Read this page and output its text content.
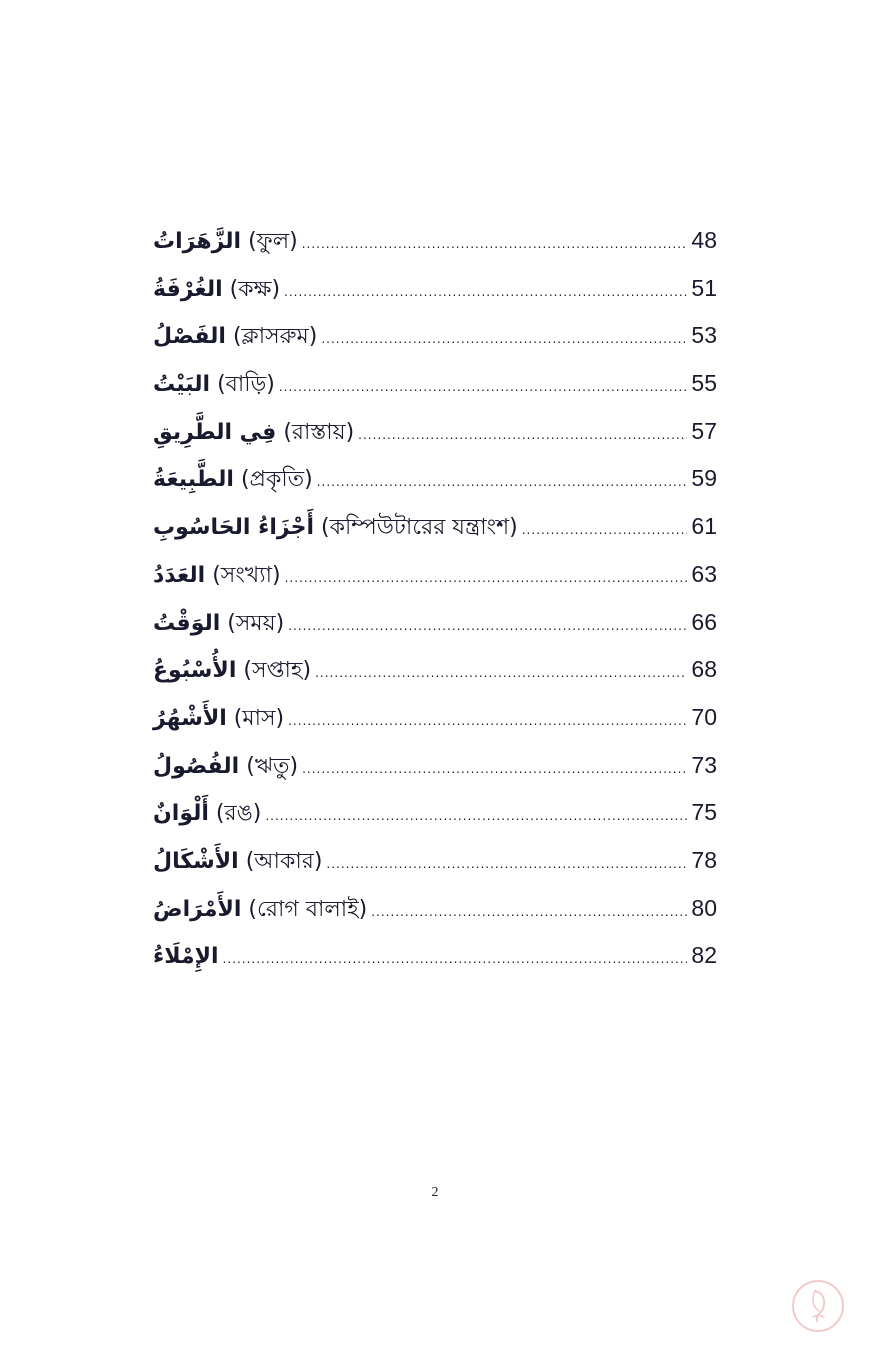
الزَّهَرَاتُ (ফুল) .....	48
الغُرْفَةُ (কক্ষ) .....	51
الفَصْلُ (ক্লাসরুম) .....	53
البَيْتُ (বাড়ি) .....	55
فِي الطَّرِيقِ (রাস্তায়) .....	57
الطَّبِيعَةُ (প্রকৃতি) .....	59
أَجْزَاءُ الحَاسُوبِ (কম্পিউটারের যন্ত্রাংশ) .....	61
العَدَدُ (সংখ্যা) .....	63
الوَقْتُ (সময়) .....	66
الأُسْبُوعُ (সপ্তাহ) .....	68
الأَشْهُرُ (মাস) .....	70
الفُصُولُ (ঋতু) .....	73
أَلْوَانٌ (রঙ) .....	75
الأَشْكَالُ (আকার) .....	78
الأَمْرَاضُ (রোগ বালাই) .....	80
الإِمْلَاءُ .....	82
2
